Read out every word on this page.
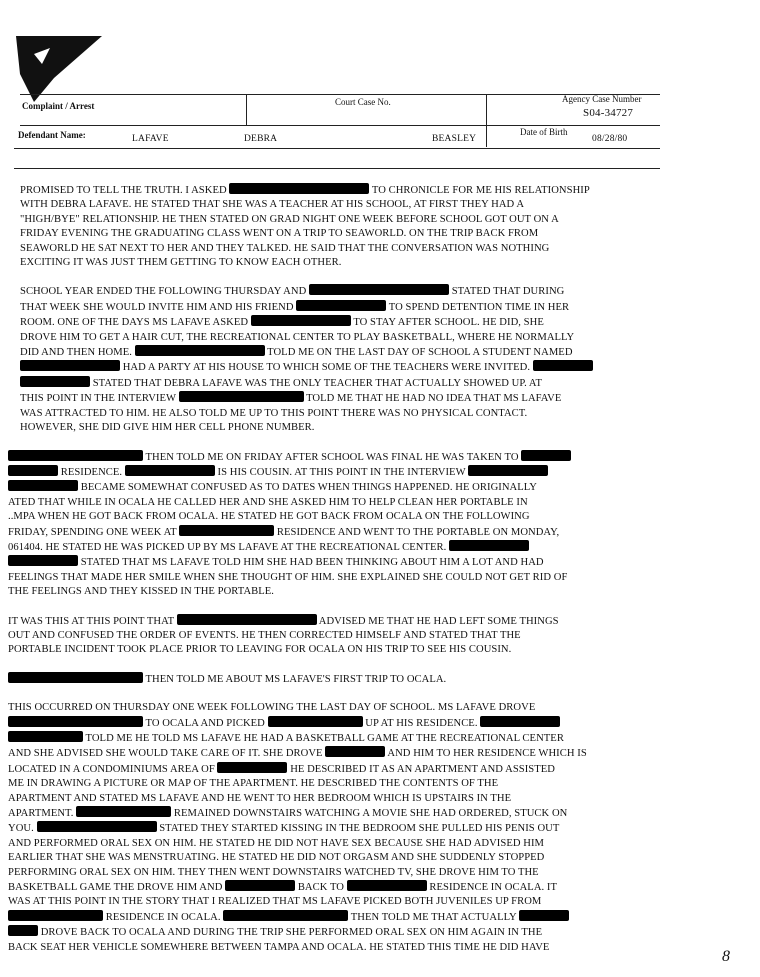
Complaint / Arrest	Court Case No.	Agency Case Number
S04-34727
Defendant Name:	LAFAVE	DEBRA	BEASLEY
Date of Birth
08/28/80

PROMISED TO TELL THE TRUTH. I ASKED	TO CHRONICLE FOR ME HIS RELATIONSHIP
WITH DEBRA LAFAVE. HE STATED THAT SHE WAS A TEACHER AT HIS SCHOOL, AT FIRST THEY HAD A
"HIGH/BYE" RELATIONSHIP. HE THEN STATED ON GRAD NIGHT ONE WEEK BEFORE SCHOOL GOT OUT ON A
FRIDAY EVENING THE GRADUATING CLASS WENT ON A TRIP TO SEAWORLD. ON THE TRIP BACK FROM
SEAWORLD HE SAT NEXT TO HER AND THEY TALKED. HE SAID THAT THE CONVERSATION WAS NOTHING
EXCITING IT WAS JUST THEM GETTING TO KNOW EACH OTHER.

SCHOOL YEAR ENDED THE FOLLOWING THURSDAY AND	STATED THAT DURING
THAT WEEK SHE WOULD INVITE HIM AND HIS FRIEND	TO SPEND DETENTION TIME IN HER
ROOM. ONE OF THE DAYS MS LAFAVE ASKED	TO STAY AFTER SCHOOL. HE DID, SHE
DROVE HIM TO GET A HAIR CUT, THE RECREATIONAL CENTER TO PLAY BASKETBALL, WHERE HE NORMALLY
DID AND THEN HOME.	TOLD ME ON THE LAST DAY OF SCHOOL A STUDENT NAMED
HAD A PARTY AT HIS HOUSE TO WHICH SOME OF THE TEACHERS WERE INVITED.
STATED THAT DEBRA LAFAVE WAS THE ONLY TEACHER THAT ACTUALLY SHOWED UP. AT
THIS POINT IN THE INTERVIEW	TOLD ME THAT HE HAD NO IDEA THAT MS LAFAVE
WAS ATTRACTED TO HIM. HE ALSO TOLD ME UP TO THIS POINT THERE WAS NO PHYSICAL CONTACT.
HOWEVER, SHE DID GIVE HIM HER CELL PHONE NUMBER.

THEN TOLD ME ON FRIDAY AFTER SCHOOL WAS FINAL HE WAS TAKEN TO
RESIDENCE.	IS HIS COUSIN. AT THIS POINT IN THE INTERVIEW
BECAME SOMEWHAT CONFUSED AS TO DATES WHEN THINGS HAPPENED. HE ORIGINALLY
ATED THAT WHILE IN OCALA HE CALLED HER AND SHE ASKED HIM TO HELP CLEAN HER PORTABLE IN
..MPA WHEN HE GOT BACK FROM OCALA. HE STATED HE GOT BACK FROM OCALA ON THE FOLLOWING
FRIDAY, SPENDING ONE WEEK AT	RESIDENCE AND WENT TO THE PORTABLE ON MONDAY,
061404. HE STATED HE WAS PICKED UP BY MS LAFAVE AT THE RECREATIONAL CENTER.
STATED THAT MS LAFAVE TOLD HIM SHE HAD BEEN THINKING ABOUT HIM A LOT AND HAD
FEELINGS THAT MADE HER SMILE WHEN SHE THOUGHT OF HIM. SHE EXPLAINED SHE COULD NOT GET RID OF
THE FEELINGS AND THEY KISSED IN THE PORTABLE.

IT WAS THIS AT THIS POINT THAT	ADVISED ME THAT HE HAD LEFT SOME THINGS
OUT AND CONFUSED THE ORDER OF EVENTS. HE THEN CORRECTED HIMSELF AND STATED THAT THE
PORTABLE INCIDENT TOOK PLACE PRIOR TO LEAVING FOR OCALA ON HIS TRIP TO SEE HIS COUSIN.

THEN TOLD ME ABOUT MS LAFAVE'S FIRST TRIP TO OCALA.

THIS OCCURRED ON THURSDAY ONE WEEK FOLLOWING THE LAST DAY OF SCHOOL. MS LAFAVE DROVE
TO OCALA AND PICKED	UP AT HIS RESIDENCE.
TOLD ME HE TOLD MS LAFAVE HE HAD A BASKETBALL GAME AT THE RECREATIONAL CENTER
AND SHE ADVISED SHE WOULD TAKE CARE OF IT. SHE DROVE	AND HIM TO HER RESIDENCE WHICH IS
LOCATED IN A CONDOMINIUMS AREA OF	HE DESCRIBED IT AS AN APARTMENT AND ASSISTED
ME IN DRAWING A PICTURE OR MAP OF THE APARTMENT. HE DESCRIBED THE CONTENTS OF THE
APARTMENT AND STATED MS LAFAVE AND HE WENT TO HER BEDROOM WHICH IS UPSTAIRS IN THE
APARTMENT.	REMAINED DOWNSTAIRS WATCHING A MOVIE SHE HAD ORDERED, STUCK ON
YOU.	STATED THEY STARTED KISSING IN THE BEDROOM SHE PULLED HIS PENIS OUT
AND PERFORMED ORAL SEX ON HIM. HE STATED HE DID NOT HAVE SEX BECAUSE SHE HAD ADVISED HIM
EARLIER THAT SHE WAS MENSTRUATING. HE STATED HE DID NOT ORGASM AND SHE SUDDENLY STOPPED
PERFORMING ORAL SEX ON HIM. THEY THEN WENT DOWNSTAIRS WATCHED TV, SHE DROVE HIM TO THE
BASKETBALL GAME THE DROVE HIM AND	BACK TO	RESIDENCE IN OCALA. IT
WAS AT THIS POINT IN THE STORY THAT I REALIZED THAT MS LAFAVE PICKED BOTH JUVENILES UP FROM
RESIDENCE IN OCALA.	THEN TOLD ME THAT ACTUALLY
DROVE BACK TO OCALA AND DURING THE TRIP SHE PERFORMED ORAL SEX ON HIM AGAIN IN THE
BACK SEAT HER VEHICLE SOMEWHERE BETWEEN TAMPA AND OCALA. HE STATED THIS TIME HE DID HAVE

8
